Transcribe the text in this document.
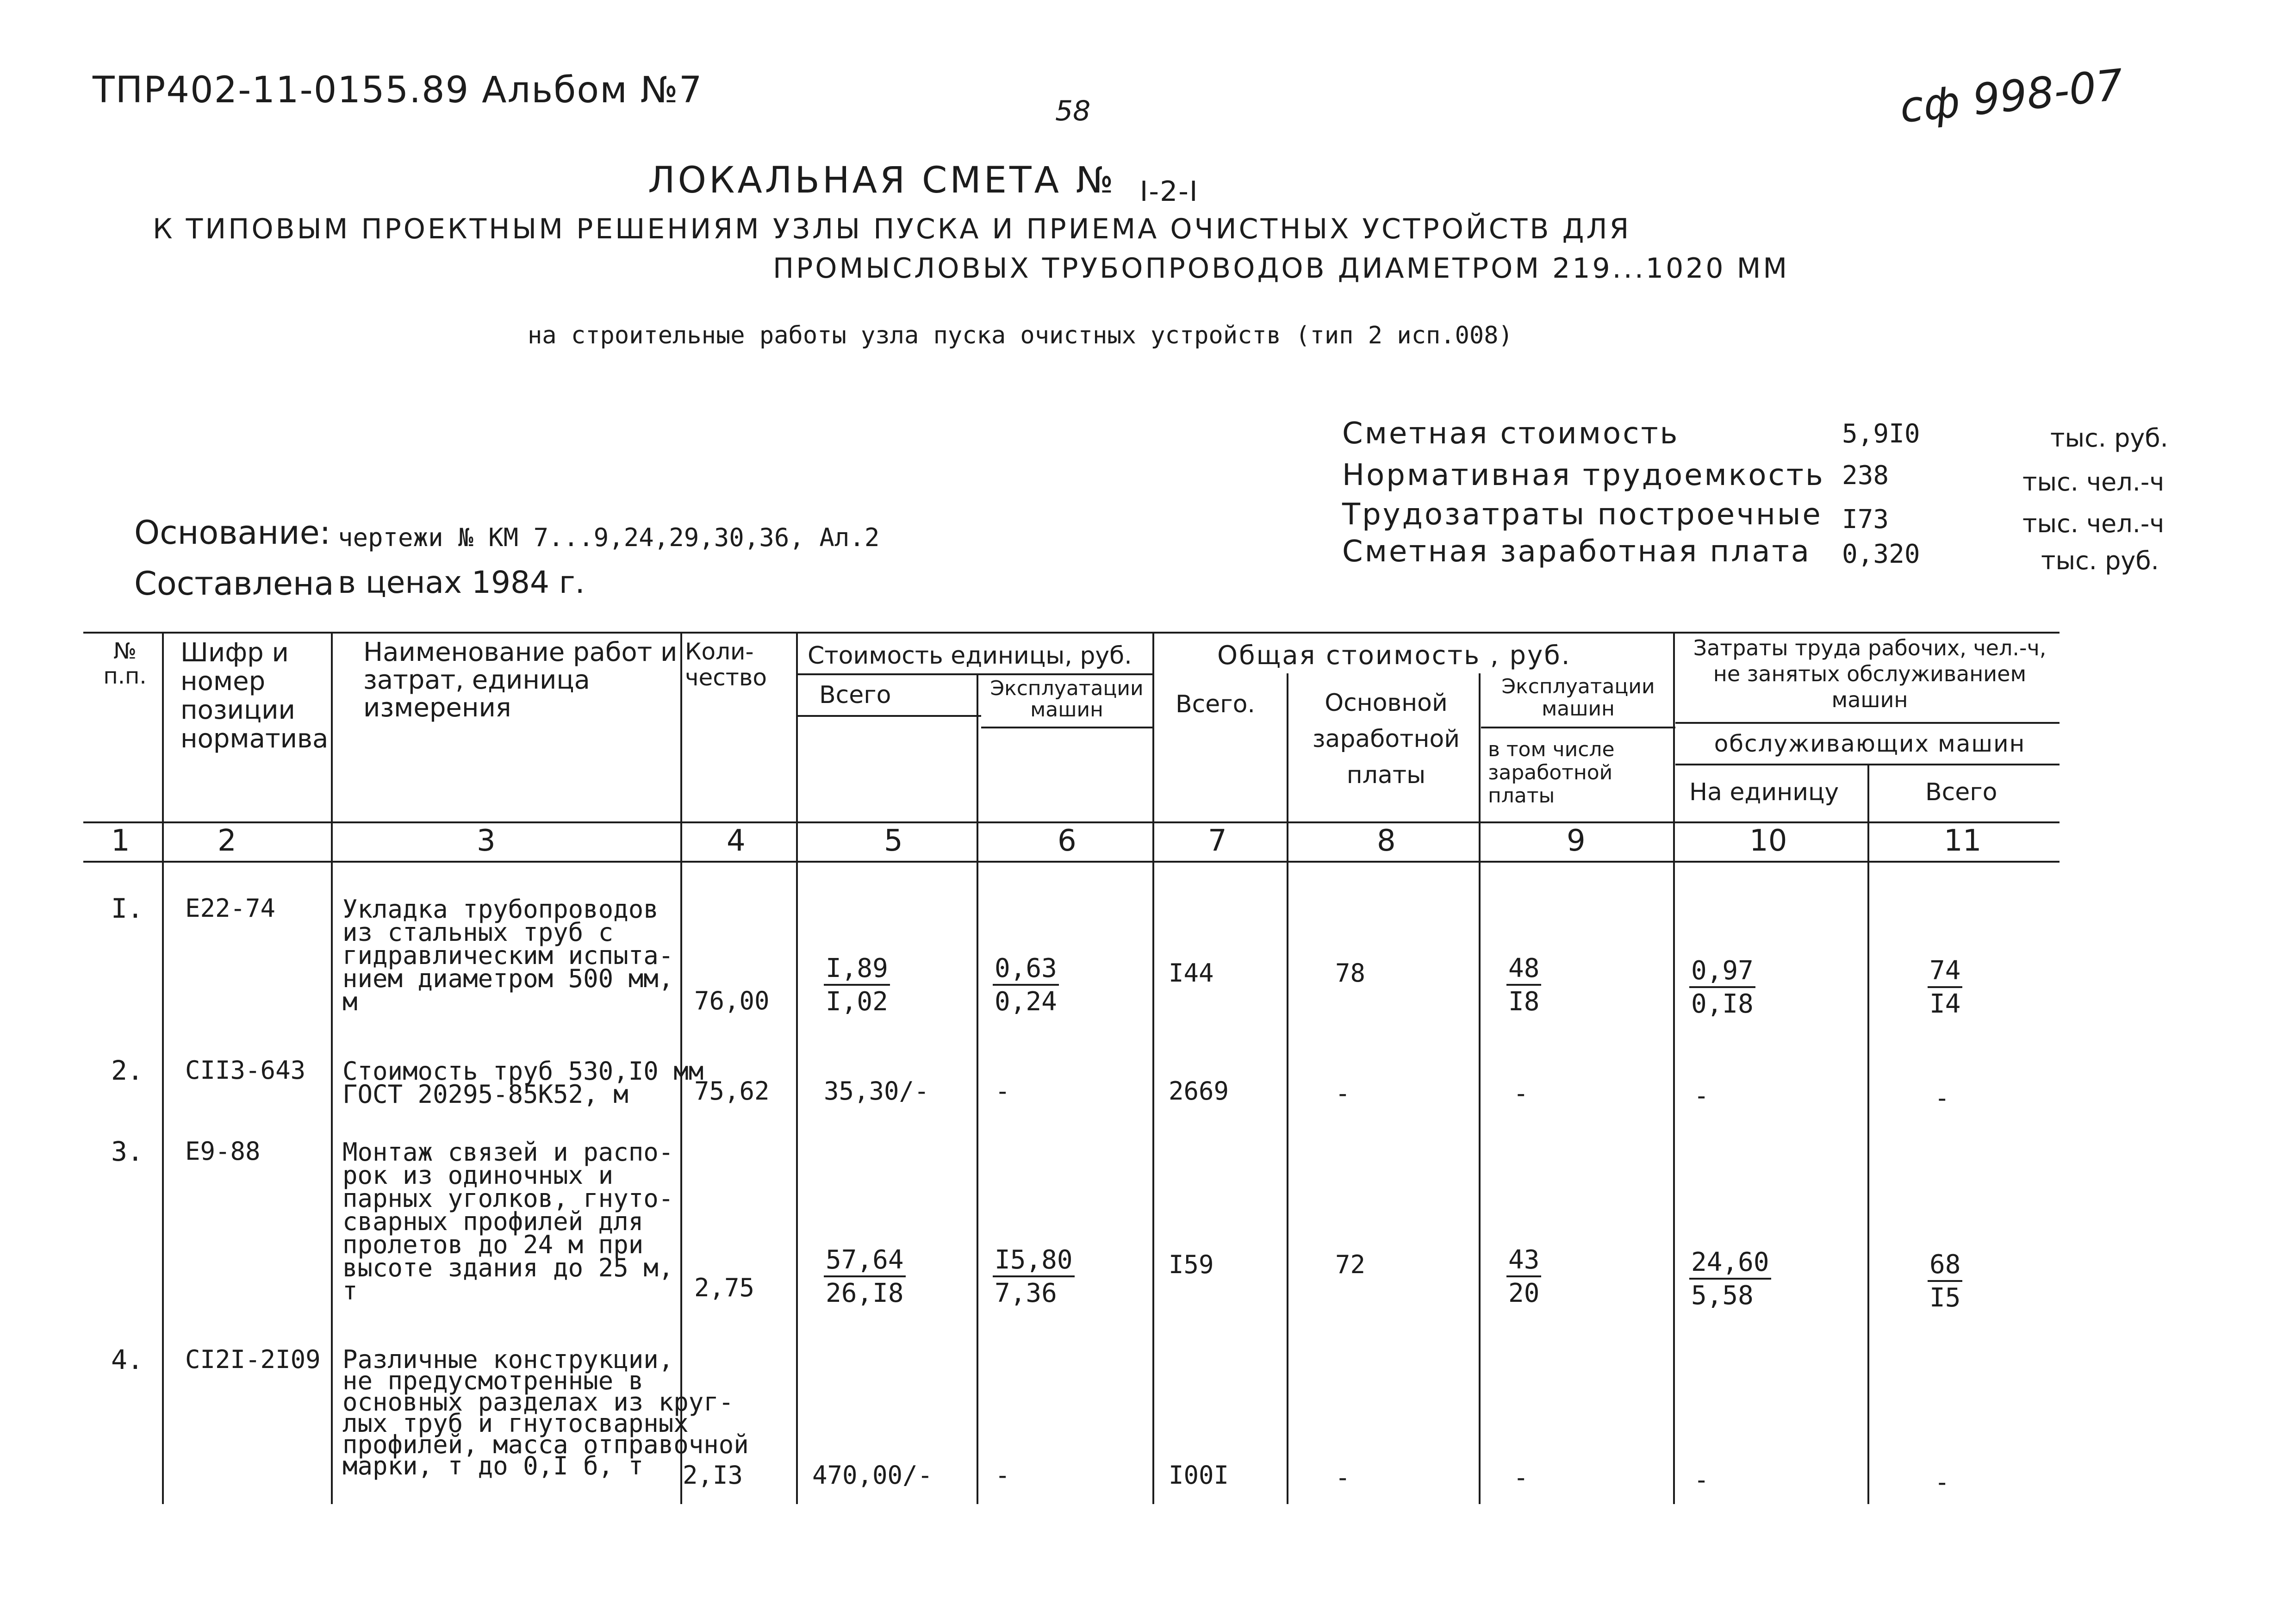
ТПР402-11-0155.89 Альбом №7	58	сф 998-07
ЛОКАЛЬНАЯ СМЕТА № $_{I-2-I}$
К ТИПОВЫМ ПРОЕКТНЫМ РЕШЕНИЯМ УЗЛЫ ПУСКА И ПРИЕМА ОЧИСТНЫХ УСТРОЙСТВ ДЛЯ
ПРОМЫСЛОВЫХ ТРУБОПРОВОДОВ ДИАМЕТРОМ 219...1020 ММ
на строительные работы узла пуска очистных устройств (тип 2 исп.008)
Сметная стоимость	5,9I0	тыс. руб.
Нормативная трудоемкость 238	тыс. чел.-ч
Трудозатраты построечные I73	тыс. чел.-ч
Сметная заработная плата 0,320	тыс. руб.
Основание: чертежи № КМ 7...9,24,29,30,36, Ал.2
Составлена в ценах 1984 г.
№ п.п.
Шифр и номер позиции норматива
Наименование работ и затрат, единица измерения
Коли- чество
Стоимость единицы, руб.
Всего	Эксплуатации машин
Общая стоимость , руб.
Всего.	Основной заработной платы
Эксплуатации машин
в том числе заработной платы
Затраты труда рабочих, чел.-ч, не занятых обслуживанием машин
обслуживающих машин
На единицу	Всего
1	2	3	4	5	6	7	8	9	10	11
I. Е22-74	Укладка трубопроводов
из стальных труб с
гидравлическим испыта-
нием диаметром 500 мм,
м	$76,00 \frac{I,89}{I,02}$	$\frac{0,63}{0,24}$	I44	78	$\frac{48}{I8}$	$\frac{0,97}{0,I8}$	$\frac{74}{I4}$
2. СII3-643 Стоимость труб 530,I0 мм
ГОСТ 20295-85К52, м	75,62 35,30/-	-	2669	-	-	-	-
3. Е9-88	Монтаж связей и распо-
рок из одиночных и
парных уголков, гнуто-
сварных профилей для
пролетов до 24 м при
высоте здания до 25 м,
т	2,75	$\frac{57,64}{26,I8}$	$\frac{I5,80}{7,36}$	I59	72	$\frac{43}{20}$	$\frac{24,60}{5,58}$	$\frac{68}{I5}$
4. СI2I-2I09 Различные конструкции,
не предусмотренные в
основных разделах из круг-
лых труб и гнутосварных
профилей, масса отправочной
марки, т до 0,I б, т	2,I3	470,00/- -	I00I	-	-	-	-
